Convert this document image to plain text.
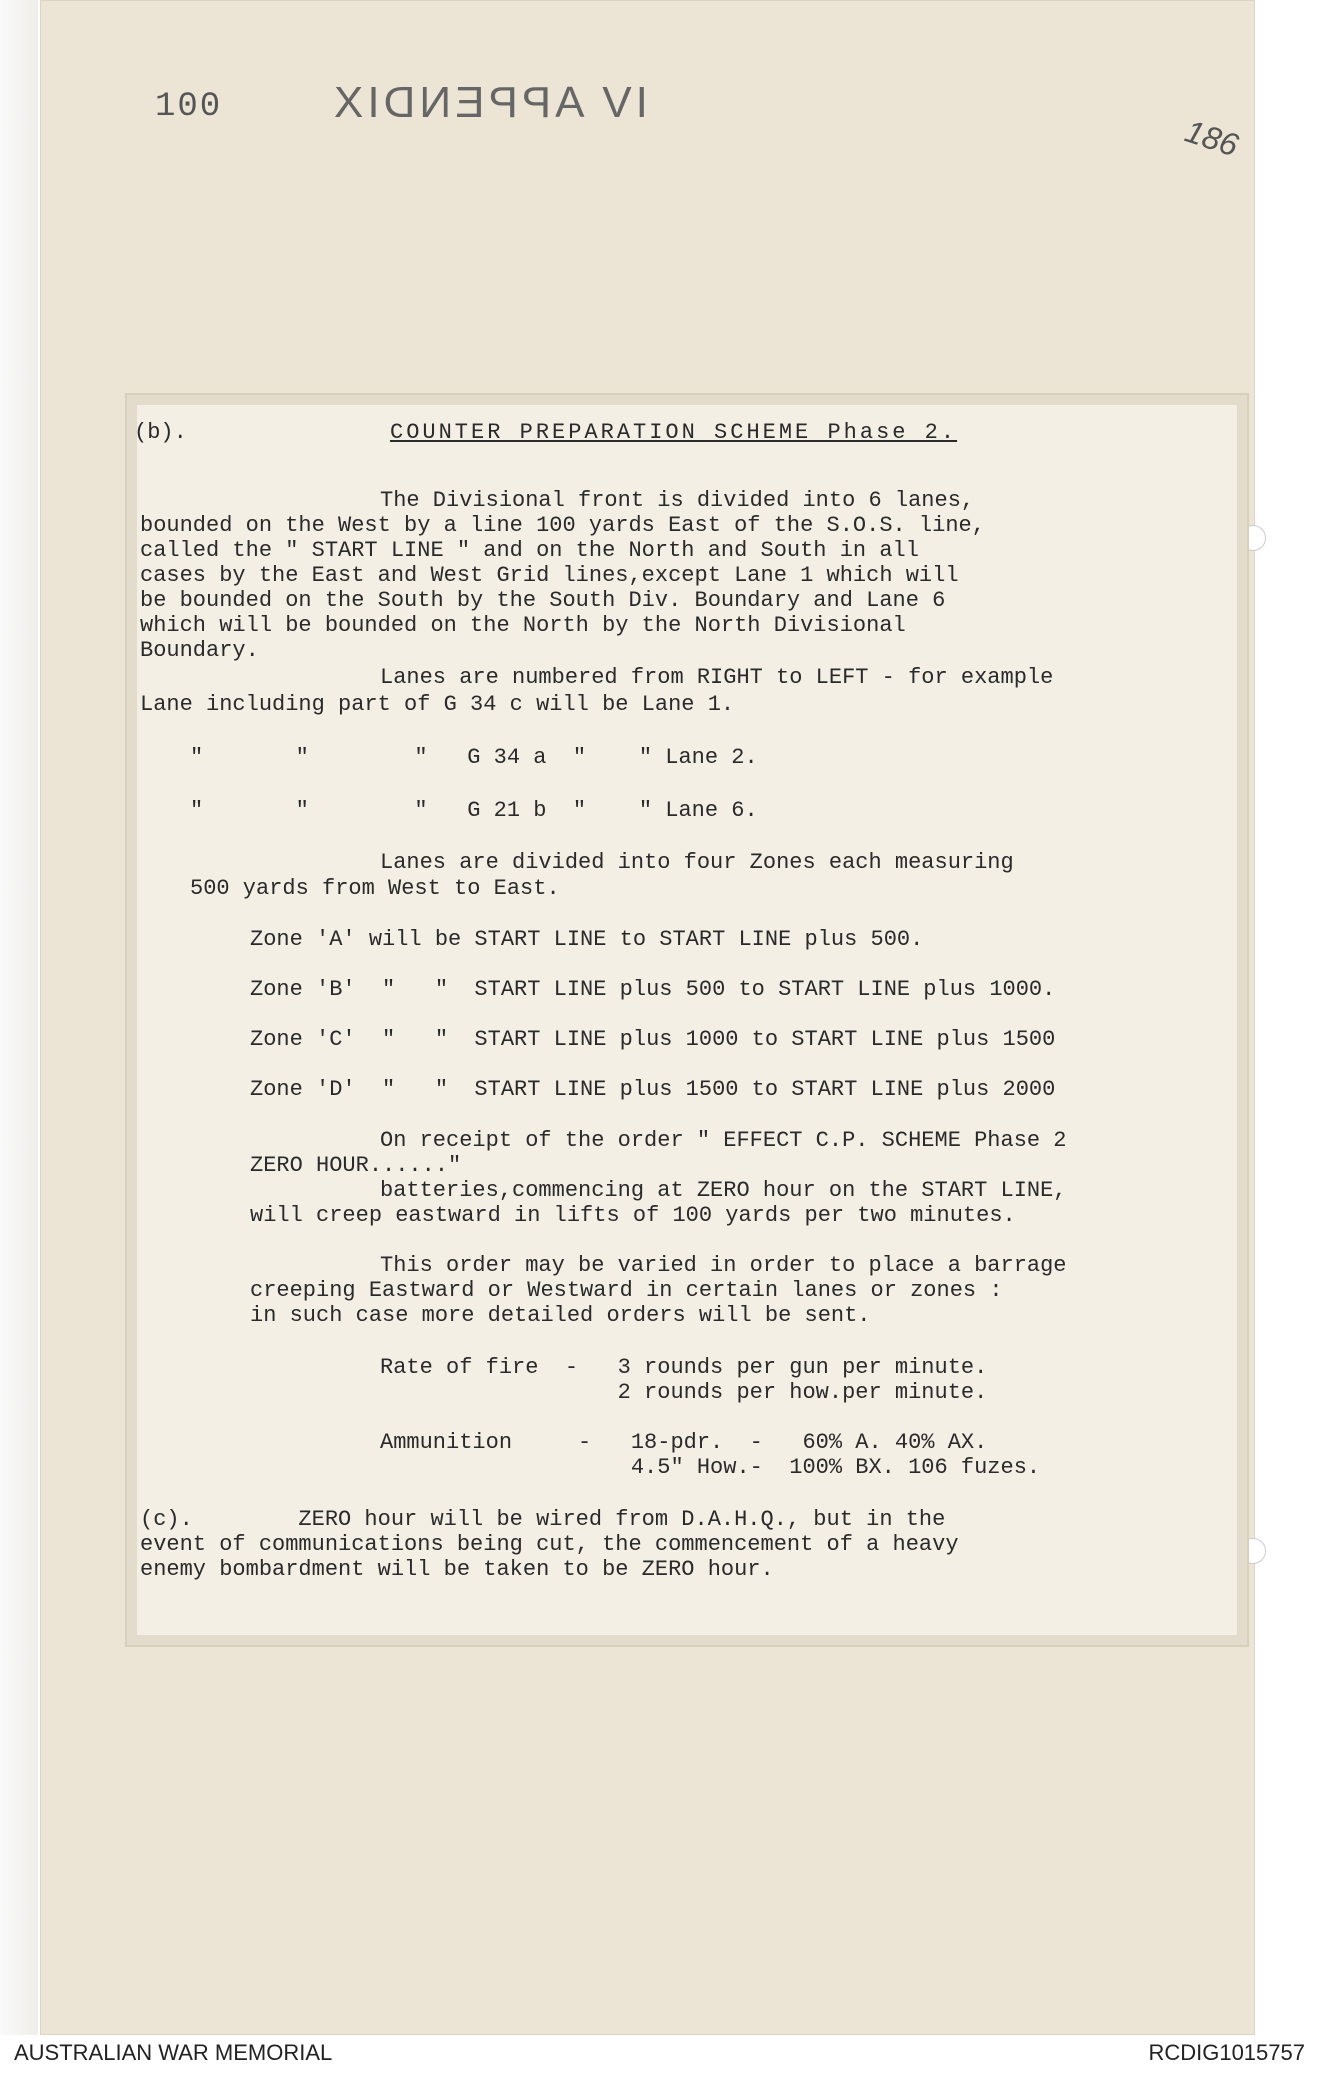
100 IV APPENDIX
186
(b).	COUNTER PREPARATION SCHEME Phase 2.
The Divisional front is divided into 6 lanes,
bounded on the West by a line 100 yards East of the S.O.S. line,
called the " START LINE " and on the North and South in all
cases by the East and West Grid lines,except Lane 1 which will
be bounded on the South by the South Div. Boundary and Lane 6
which will be bounded on the North by the North Divisional
Boundary.
Lanes are numbered from RIGHT to LEFT - for example
Lane including part of G 34 c will be Lane 1.
"       "        "   G 34 a  "    " Lane 2.
"       "        "   G 21 b  "    " Lane 6.
Lanes are divided into four Zones each measuring
500 yards from West to East.
Zone 'A' will be START LINE to START LINE plus 500.
Zone 'B'  "   "  START LINE plus 500 to START LINE plus 1000.
Zone 'C'  "   "  START LINE plus 1000 to START LINE plus 1500
Zone 'D'  "   "  START LINE plus 1500 to START LINE plus 2000
On receipt of the order " EFFECT C.P. SCHEME Phase 2
ZERO HOUR......"
batteries,commencing at ZERO hour on the START LINE,
will creep eastward in lifts of 100 yards per two minutes.
This order may be varied in order to place a barrage
creeping Eastward or Westward in certain lanes or zones :
in such case more detailed orders will be sent.
Rate of fire  -   3 rounds per gun per minute.
2 rounds per how.per minute.
Ammunition     -   18-pdr.  -   60% A. 40% AX.
4.5" How.-  100% BX. 106 fuzes.
(c).        ZERO hour will be wired from D.A.H.Q., but in the
event of communications being cut, the commencement of a heavy
enemy bombardment will be taken to be ZERO hour.
AUSTRALIAN WAR MEMORIAL	RCDIG1015757
